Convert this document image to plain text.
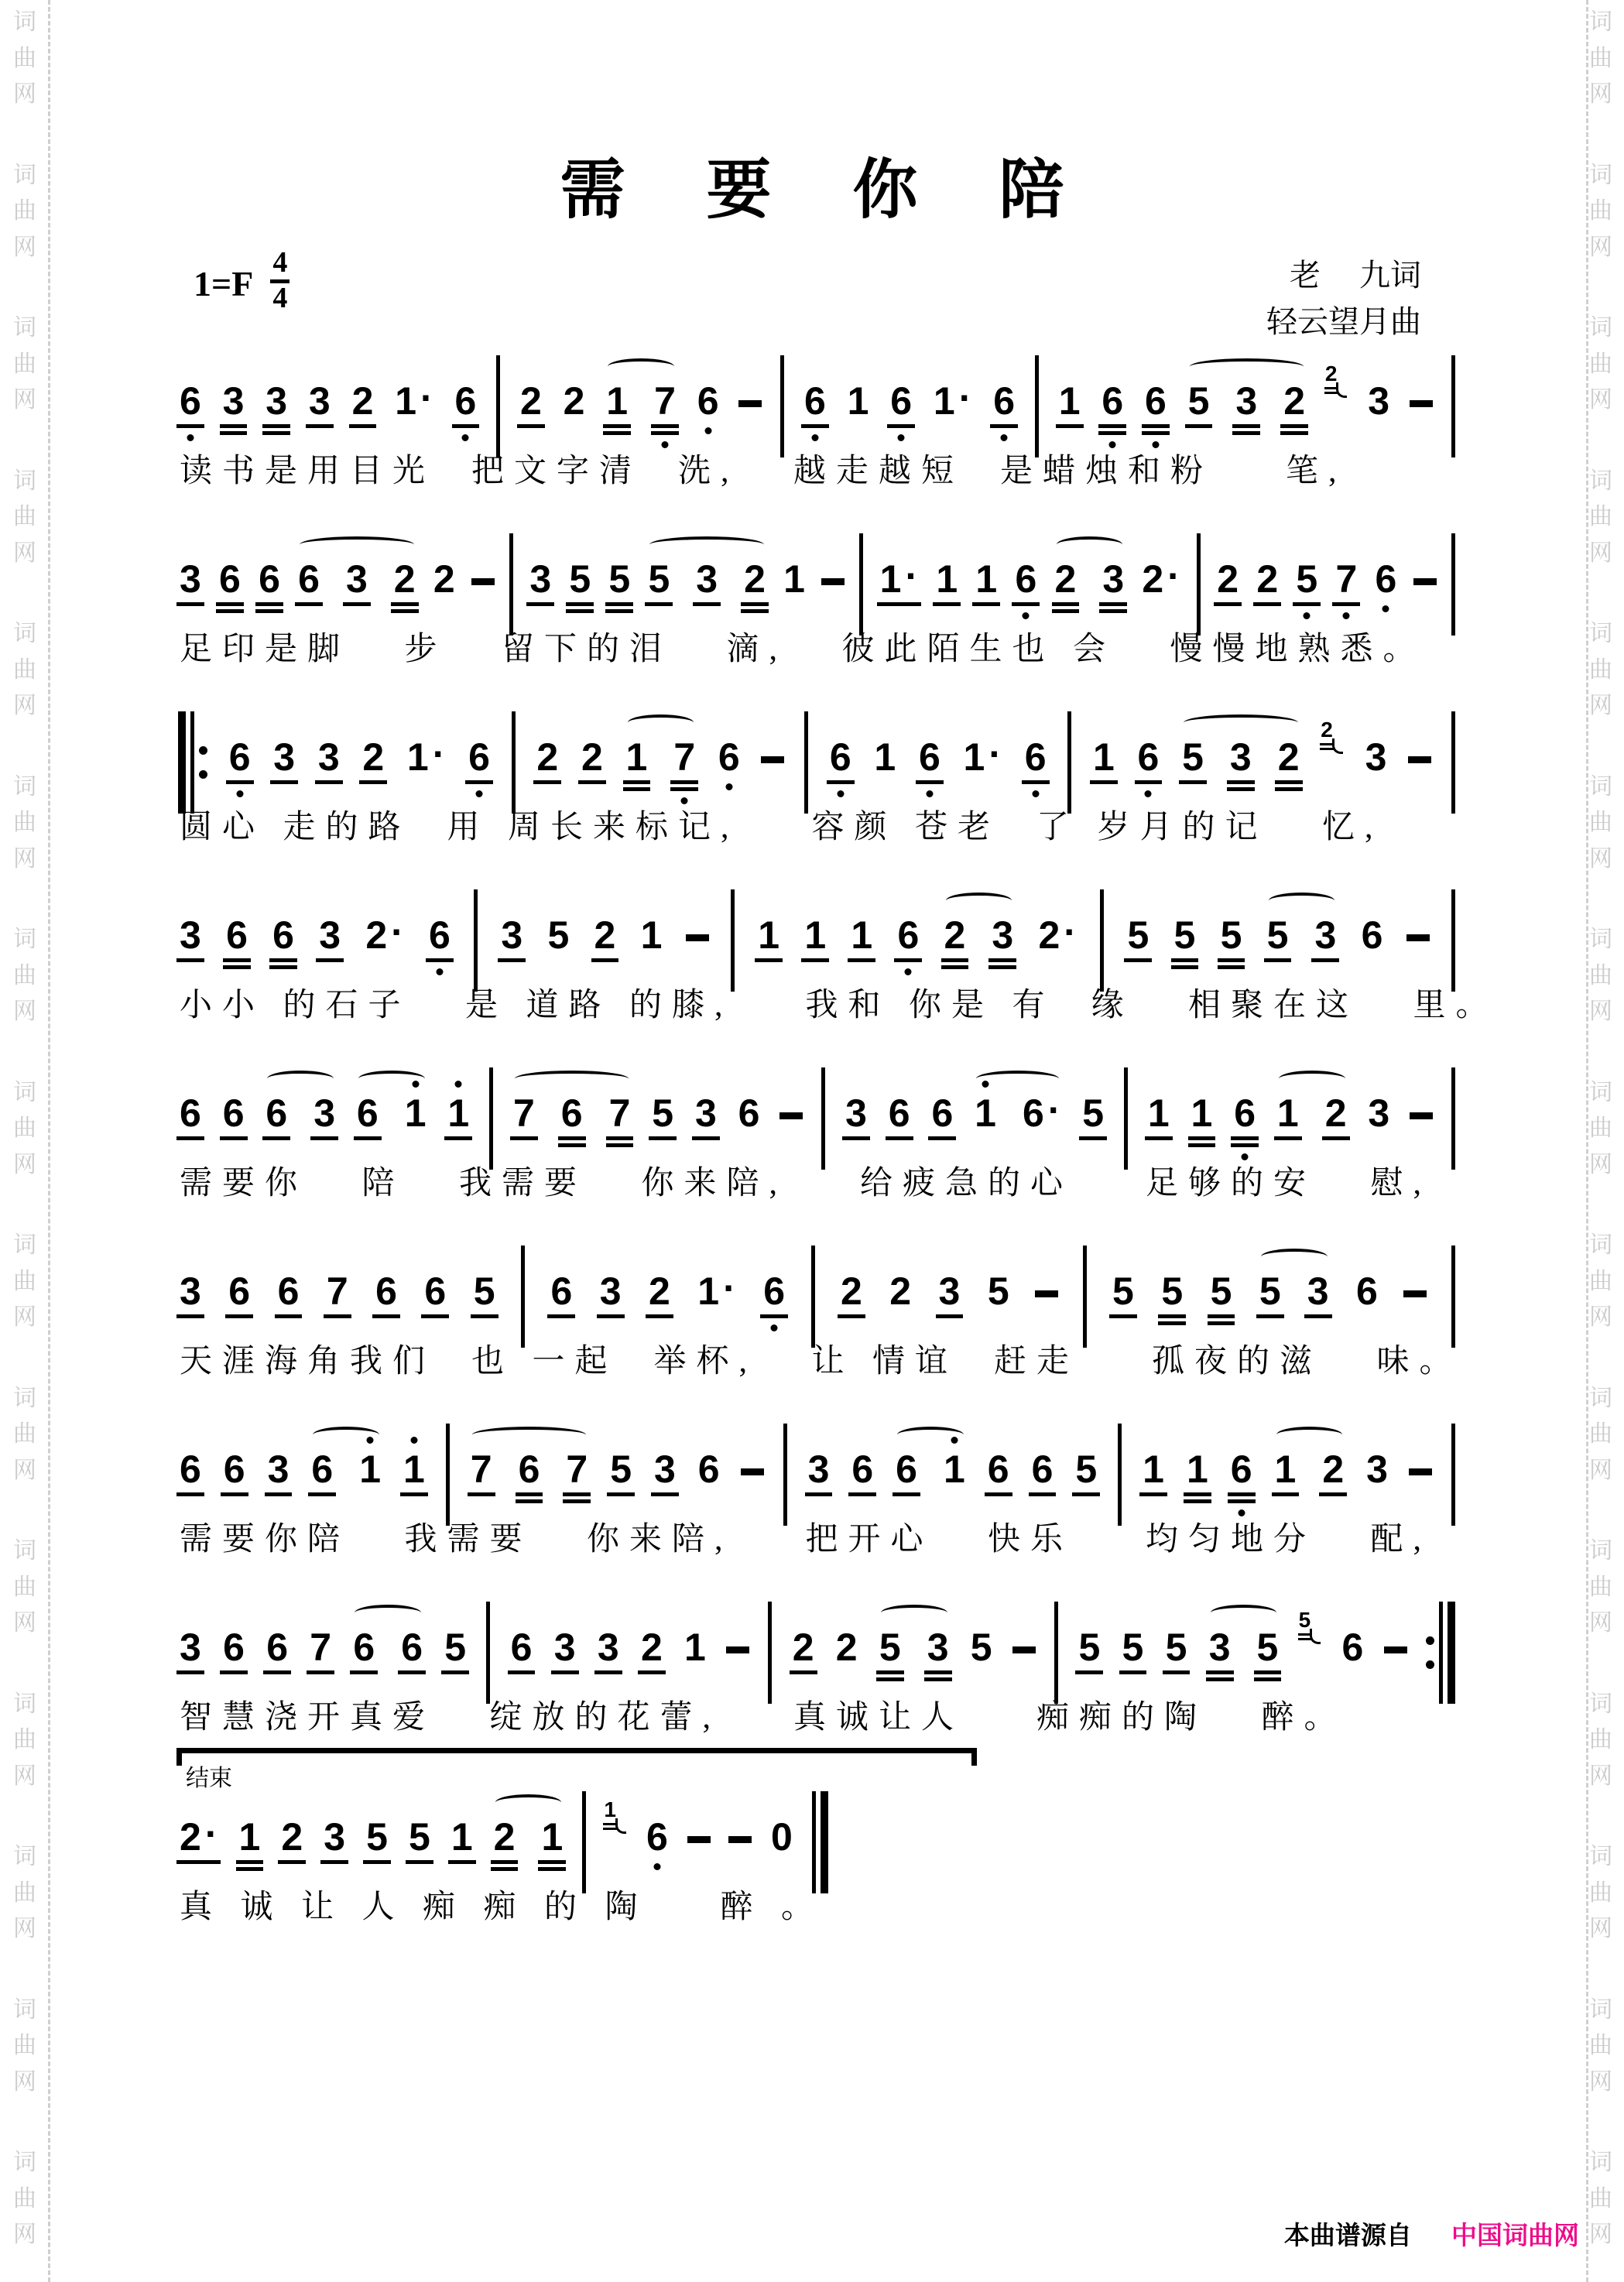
词
曲
网
词
曲
网
词
曲
网
词
曲
网
词
曲
网
词
曲
网
词
曲
网
词
曲
网
词
曲
网
词
曲
网
词
曲
网
词
曲
网
词
曲
网
词
曲
网
词
曲
网
词
曲
网
词
曲
网
词
曲
网
词
曲
网
词
曲
网
词
曲
网
词
曲
网
词
曲
网
词
曲
网
词
曲
网
词
曲
网
词
曲
网
词
曲
网
词
曲
网
词
曲
网
需 要 你 陪
$1=F \frac{4}{4}$	老　 九词
轻云望月曲
结束
6 3 3 3 2 1 · 6 2 2 1 7 6 6 1 6 1 · 6 1 6 6 5 3 2
2
3
读书是用目光  把文字清  洗,   越走越短  是蜡烛和粉    笔,
3 6 6 6 3 2 2 3 5 5 5 3 2 1 1 · 1 1 6 2 3 2 · 2 2 5 7 6
足印是脚   步   留下的泪   滴,   彼此陌生也 会   慢慢地熟悉。
6 3 3 2 1 · 6 2 2 1 7 6 6 1 6 1 · 6 1 6 5 3 2
2
3
圆心 走的路  用 周长来标记,    容颜 苍老  了 岁月的记   忆,
3 6 6 3 2 · 6 3 5 2 1 1 1 1 6 2 3 2 · 5 5 5 5 3 6
小小 的石子   是 道路 的膝,    我和 你是 有  缘   相聚在这   里。
6 6 6 3 6 1 1 7 6 7 5 3 6 3 6 6 1 6 · 5 1 1 6 1 2 3
需要你   陪   我需要   你来陪,    给疲急的心    足够的安   慰,
3 6 6 7 6 6 5 6 3 2 1 · 6 2 2 3 5	5 5 5 5 3 6
天涯海角我们  也 一起  举杯,   让 情谊  赶走    孤夜的滋   味。
6 6 3 6 1 1 7 6 7 5 3 6 3 6 6 1 6 6 5 1 1 6 1 2 3
需要你陪   我需要   你来陪,    把开心   快乐    均匀地分   配,
3 6 6 7 6 6 5 6 3 3 2 1 2 2 5 3 5 5 5 5 3 5
5
6
智慧浇开真爱   绽放的花蕾,    真诚让人    痴痴的陶   醉。
2 · 1 2 3 5 5 1 2 1
1
6	0
真 诚 让 人 痴 痴 的 陶    醉 。
本曲谱源自 中国词曲网
